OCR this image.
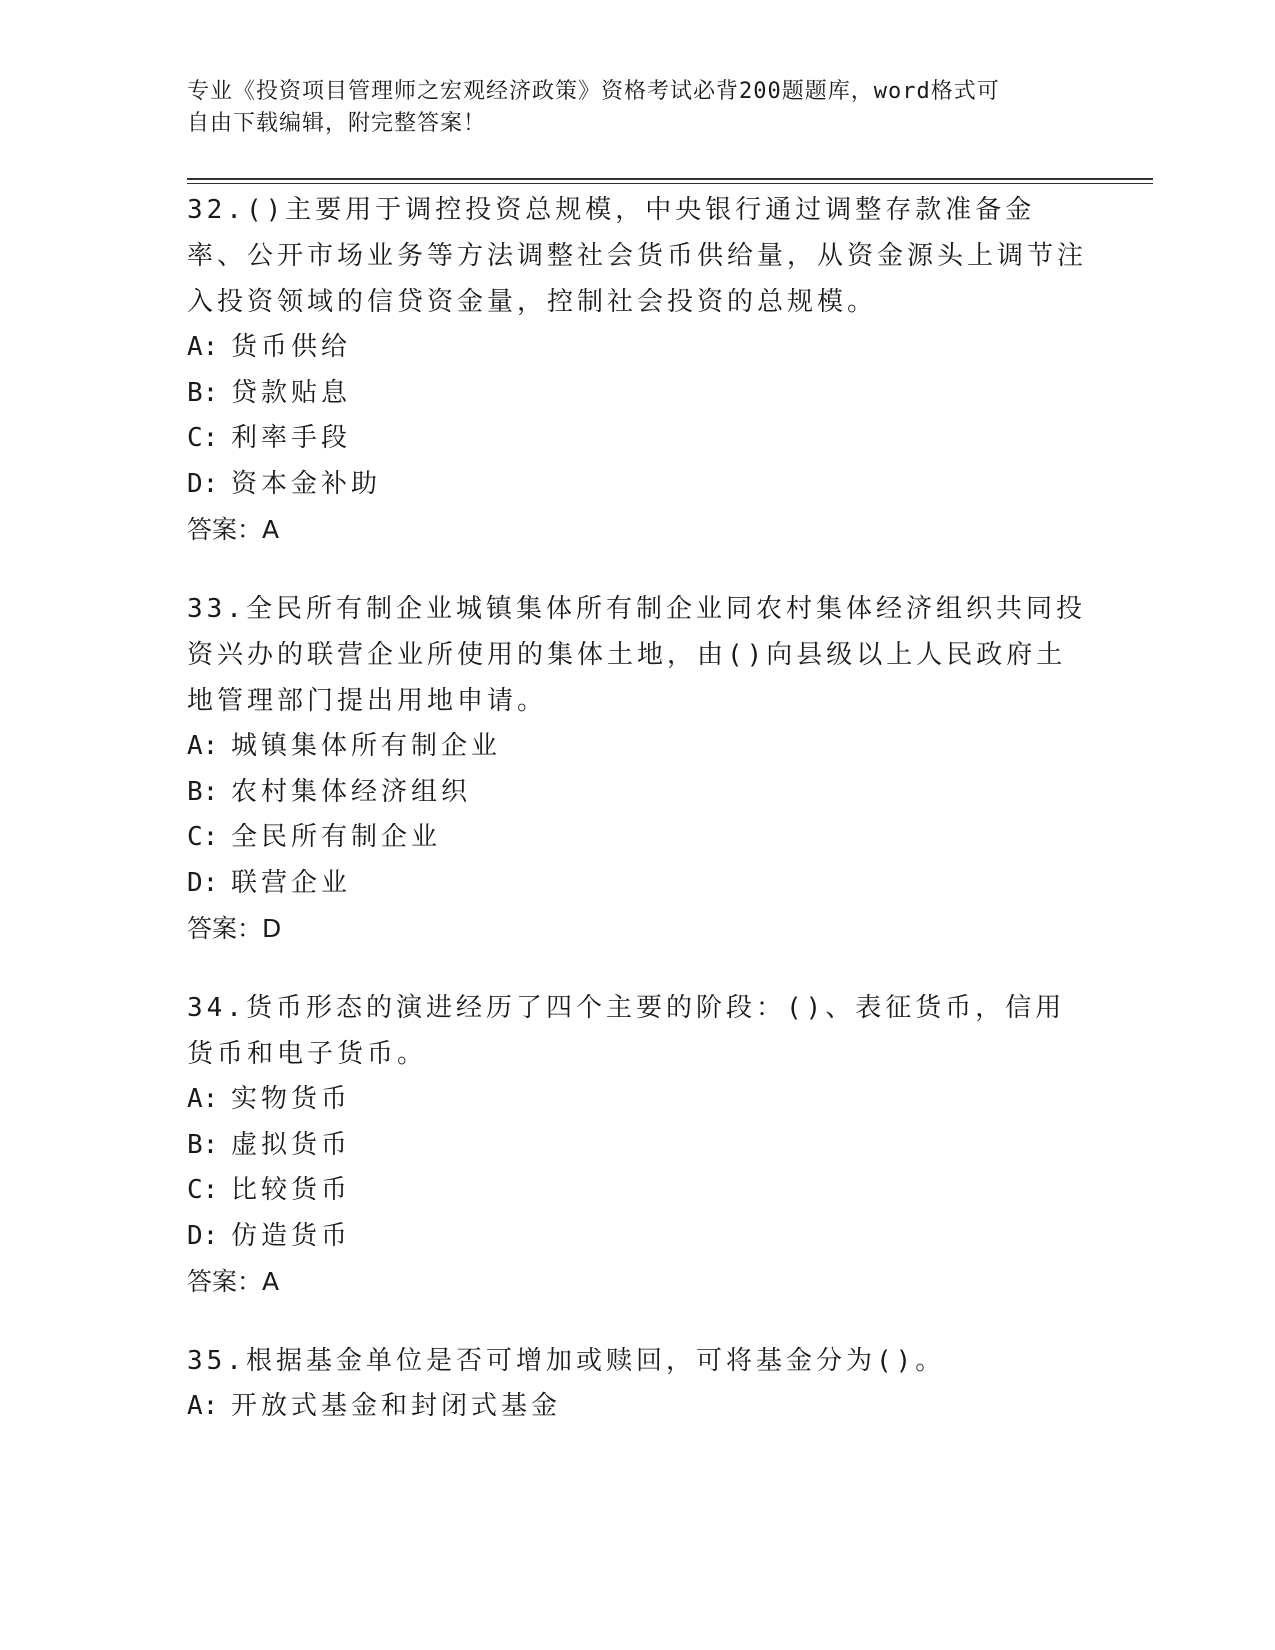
专业《投资项目管理师之宏观经济政策》资格考试必背200题题库，word格式可
自由下载编辑，附完整答案！

32.()主要用于调控投资总规模，中央银行通过调整存款准备金率、公开市场业务等方法调整社会货币供给量，从资金源头上调节注入投资领域的信贷资金量，控制社会投资的总规模。

A: 货币供给

B: 贷款贴息

C: 利率手段

D: 资本金补助

答案：A

33.全民所有制企业城镇集体所有制企业同农村集体经济组织共同投资兴办的联营企业所使用的集体土地，由()向县级以上人民政府土地管理部门提出用地申请。

A: 城镇集体所有制企业

B: 农村集体经济组织

C: 全民所有制企业

D: 联营企业

答案：D

34.货币形态的演进经历了四个主要的阶段：()、表征货币，信用货币和电子货币。

A: 实物货币

B: 虚拟货币

C: 比较货币

D: 仿造货币

答案：A

35.根据基金单位是否可增加或赎回，可将基金分为()。

A: 开放式基金和封闭式基金
